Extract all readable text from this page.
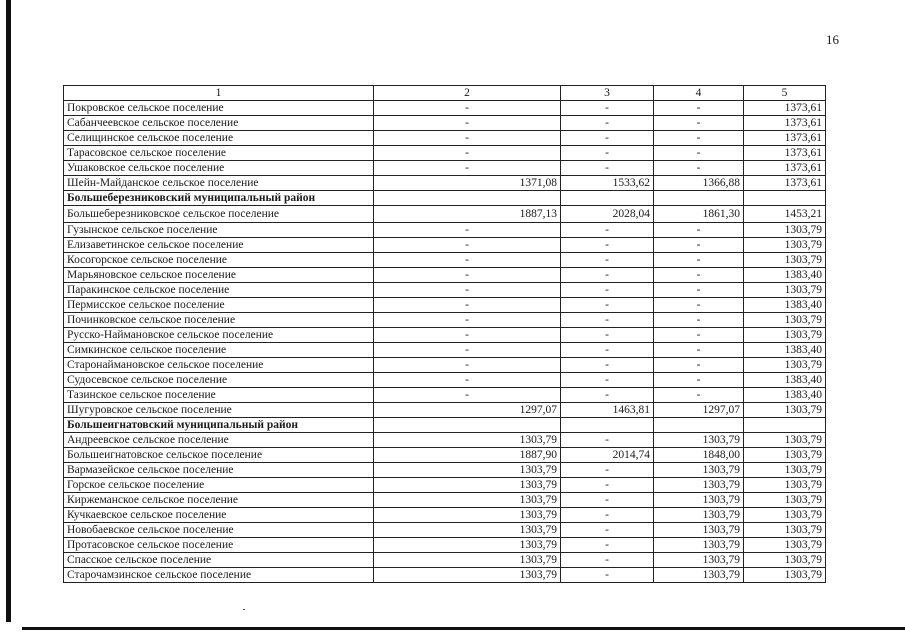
16
1	2	3	4	5
Покровское сельское поселение	-	-	-	1373,61
Сабанчеевское сельское поселение	-	-	-	1373,61
Селищинское сельское поселение	-	-	-	1373,61
Тарасовское сельское поселение	-	-	-	1373,61
Ушаковское сельское поселение	-	-	-	1373,61
Шейн-Майданское сельское поселение	1371,08	1533,62	1366,88	1373,61
Большеберезниковский муниципальный район				
Большеберезниковское сельское поселение	1887,13	2028,04	1861,30	1453,21
Гузынское сельское поселение	-	-	-	1303,79
Елизаветинское сельское поселение	-	-	-	1303,79
Косогорское сельское поселение	-	-	-	1303,79
Марьяновское сельское поселение	-	-	-	1383,40
Паракинское сельское поселение	-	-	-	1303,79
Пермисское сельское поселение	-	-	-	1383,40
Починковское сельское поселение	-	-	-	1303,79
Русско-Наймановское сельское поселение	-	-	-	1303,79
Симкинское сельское поселение	-	-	-	1383,40
Старонаймановское сельское поселение	-	-	-	1303,79
Судосевское сельское поселение	-	-	-	1383,40
Тазинское сельское поселение	-	-	-	1383,40
Шугуровское сельское поселение	1297,07	1463,81	1297,07	1303,79
Большеигнатовский муниципальный район				
Андреевское сельское поселение	1303,79	-	1303,79	1303,79
Большеигнатовское сельское поселение	1887,90	2014,74	1848,00	1303,79
Вармазейское сельское поселение	1303,79	-	1303,79	1303,79
Горское сельское поселение	1303,79	-	1303,79	1303,79
Киржеманское сельское поселение	1303,79	-	1303,79	1303,79
Кучкаевское сельское поселение	1303,79	-	1303,79	1303,79
Новобаевское сельское поселение	1303,79	-	1303,79	1303,79
Протасовское сельское поселение	1303,79	-	1303,79	1303,79
Спасское сельское поселение	1303,79	-	1303,79	1303,79
Старочамзинское сельское поселение	1303,79	-	1303,79	1303,79
